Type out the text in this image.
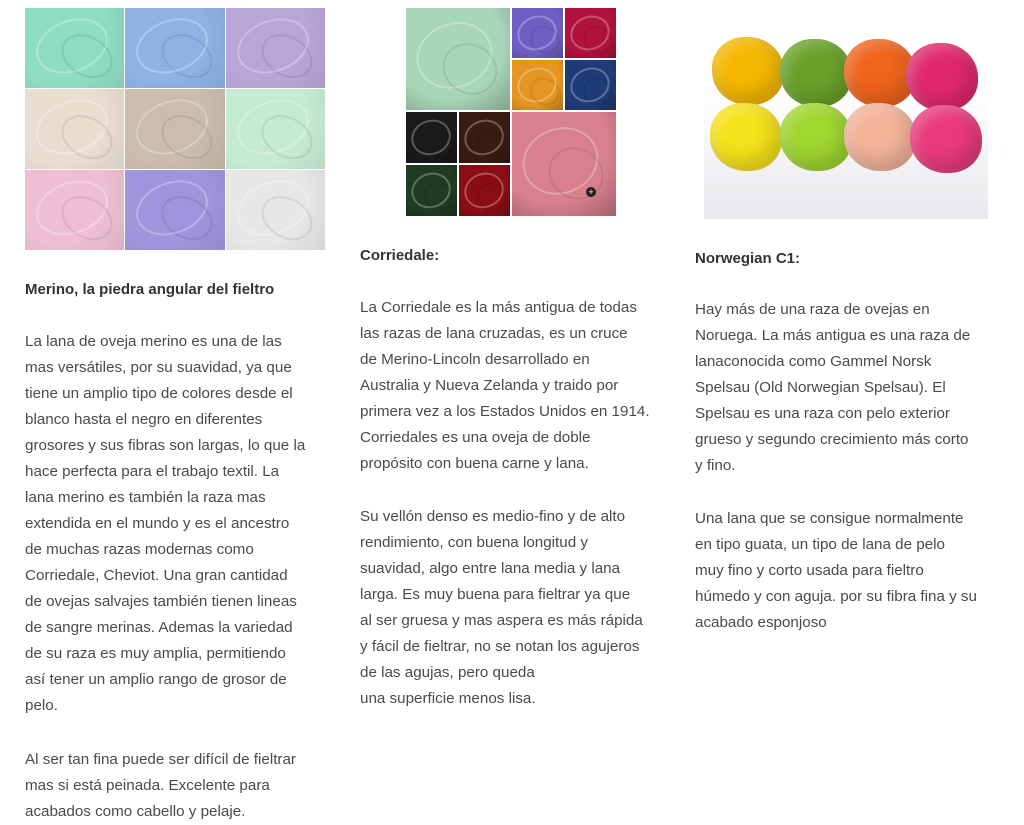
Merino, la piedra angular del fieltro

La lana de oveja merino es una de las
mas versátiles, por su suavidad, ya que
tiene un amplio tipo de colores desde el
blanco hasta el negro en diferentes
grosores y sus fibras son largas, lo que la
hace perfecta para el trabajo textil. La
lana merino es también la raza mas
extendida en el mundo y es el ancestro
de muchas razas modernas como
Corriedale, Cheviot. Una gran cantidad
de ovejas salvajes también tienen lineas
de sangre merinas. Ademas la variedad
de su raza es muy amplia, permitiendo
así tener un amplio rango de grosor de
pelo.

Al ser tan fina puede ser difícil de fieltrar
mas si está peinada. Excelente para
acabados como cabello y pelaje.

+
Corriedale:

La Corriedale es la más antigua de todas
las razas de lana cruzadas, es un cruce
de Merino-Lincoln desarrollado en
Australia y Nueva Zelanda y traido por
primera vez a los Estados Unidos en 1914.
Corriedales es una oveja de doble
propósito con buena carne y lana.

Su vellón denso es medio-fino y de alto
rendimiento, con buena longitud y
suavidad, algo entre lana media y lana
larga. Es muy buena para fieltrar ya que
al ser gruesa y mas aspera es más rápida
y fácil de fieltrar, no se notan los agujeros
de las agujas, pero queda
una superficie menos lisa.

Norwegian C1:

Hay más de una raza de ovejas en
Noruega. La más antigua es una raza de
lanaconocida como Gammel Norsk
Spelsau (Old Norwegian Spelsau). El
Spelsau es una raza con pelo exterior
grueso y segundo crecimiento más corto
y fino.

Una lana que se consigue normalmente
en tipo guata, un tipo de lana de pelo
muy fino y corto usada para fieltro
húmedo y con aguja. por su fibra fina y su
acabado esponjoso
